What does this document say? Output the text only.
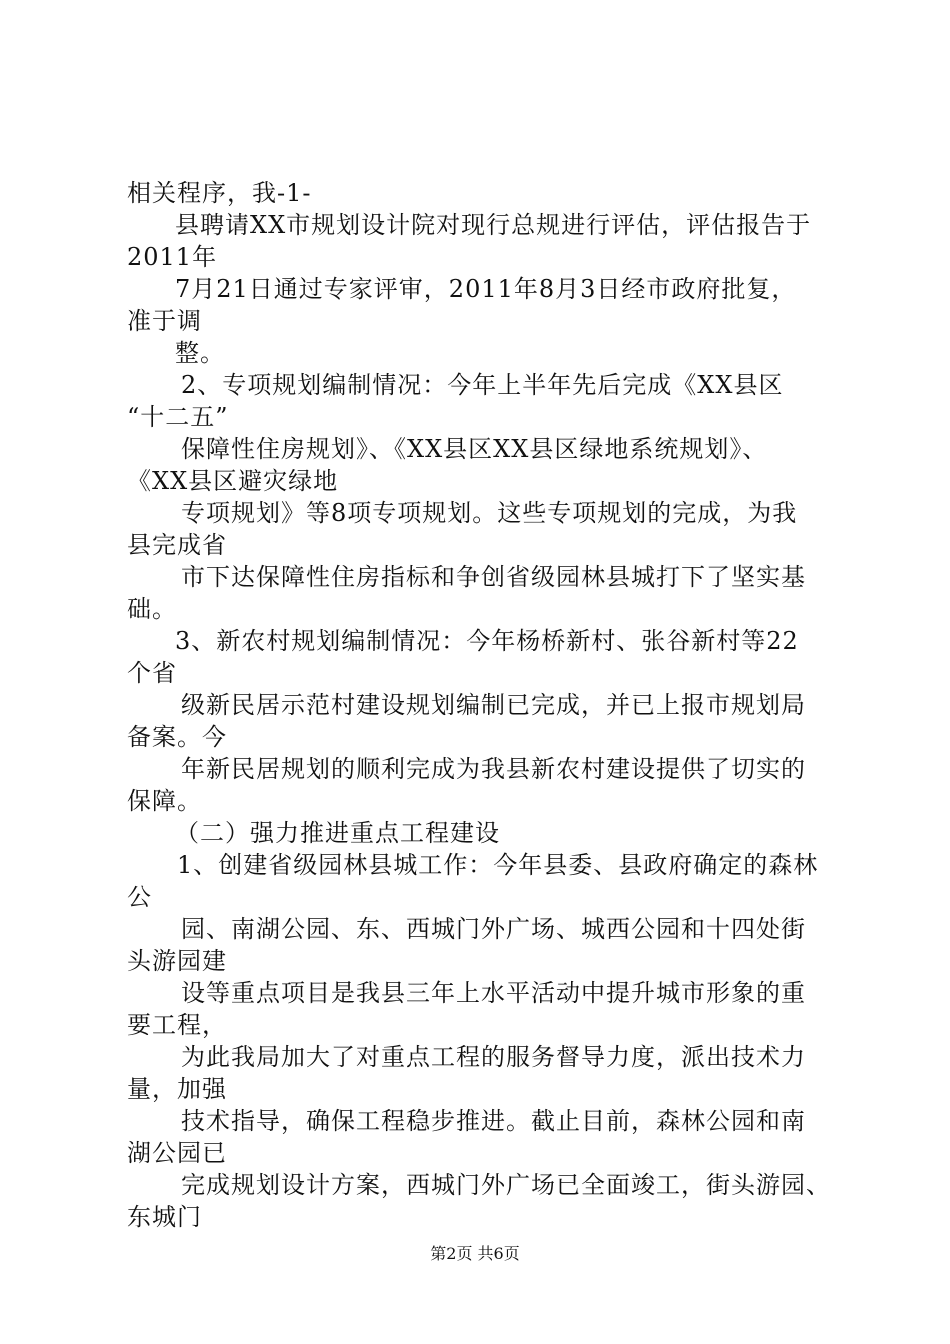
相关程序，我-1-
县聘请XX市规划设计院对现行总规进行评估，评估报告于
2011年
7月21日通过专家评审，2011年8月3日经市政府批复，
准于调
整。
2、专项规划编制情况：今年上半年先后完成《XX县区
“十二五”
保障性住房规划》、《XX县区XX县区绿地系统规划》、
《XX县区避灾绿地
专项规划》等8项专项规划。这些专项规划的完成，为我
县完成省
市下达保障性住房指标和争创省级园林县城打下了坚实基
础。
3、新农村规划编制情况：今年杨桥新村、张谷新村等22
个省
级新民居示范村建设规划编制已完成，并已上报市规划局
备案。今
年新民居规划的顺利完成为我县新农村建设提供了切实的
保障。
（二）强力推进重点工程建设
1、创建省级园林县城工作：今年县委、县政府确定的森林
公
园、南湖公园、东、西城门外广场、城西公园和十四处街
头游园建
设等重点项目是我县三年上水平活动中提升城市形象的重
要工程，
为此我局加大了对重点工程的服务督导力度，派出技术力
量，加强
技术指导，确保工程稳步推进。截止目前，森林公园和南
湖公园已
完成规划设计方案，西城门外广场已全面竣工，街头游园、
东城门
第2页 共6页
